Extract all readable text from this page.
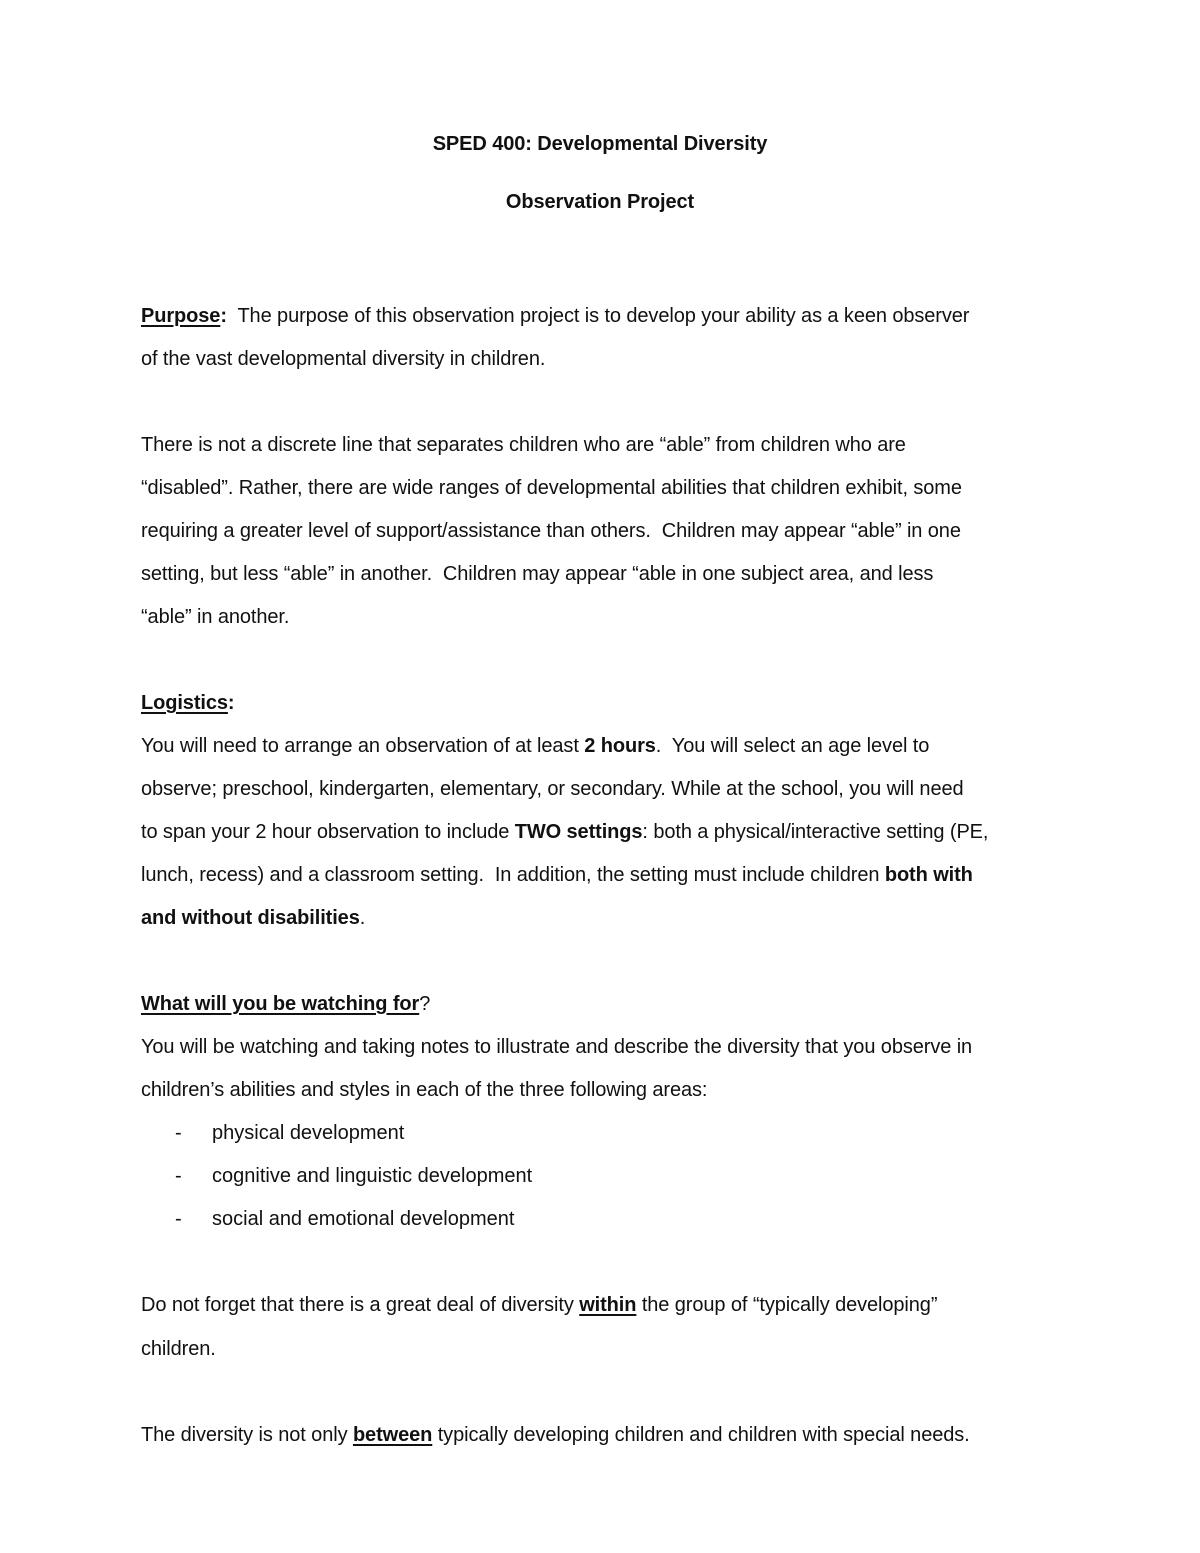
SPED 400: Developmental Diversity
Observation Project
Purpose:  The purpose of this observation project is to develop your ability as a keen observer
of the vast developmental diversity in children.
There is not a discrete line that separates children who are “able” from children who are
“disabled”. Rather, there are wide ranges of developmental abilities that children exhibit, some
requiring a greater level of support/assistance than others.  Children may appear “able” in one
setting, but less “able” in another.  Children may appear “able in one subject area, and less
“able” in another.
Logistics:
You will need to arrange an observation of at least 2 hours.  You will select an age level to
observe; preschool, kindergarten, elementary, or secondary. While at the school, you will need
to span your 2 hour observation to include TWO settings: both a physical/interactive setting (PE,
lunch, recess) and a classroom setting.  In addition, the setting must include children both with
and without disabilities.
What will you be watching for?
You will be watching and taking notes to illustrate and describe the diversity that you observe in
children’s abilities and styles in each of the three following areas:
- physical development
- cognitive and linguistic development
- social and emotional development
Do not forget that there is a great deal of diversity within the group of “typically developing”
children.
The diversity is not only between typically developing children and children with special needs.
